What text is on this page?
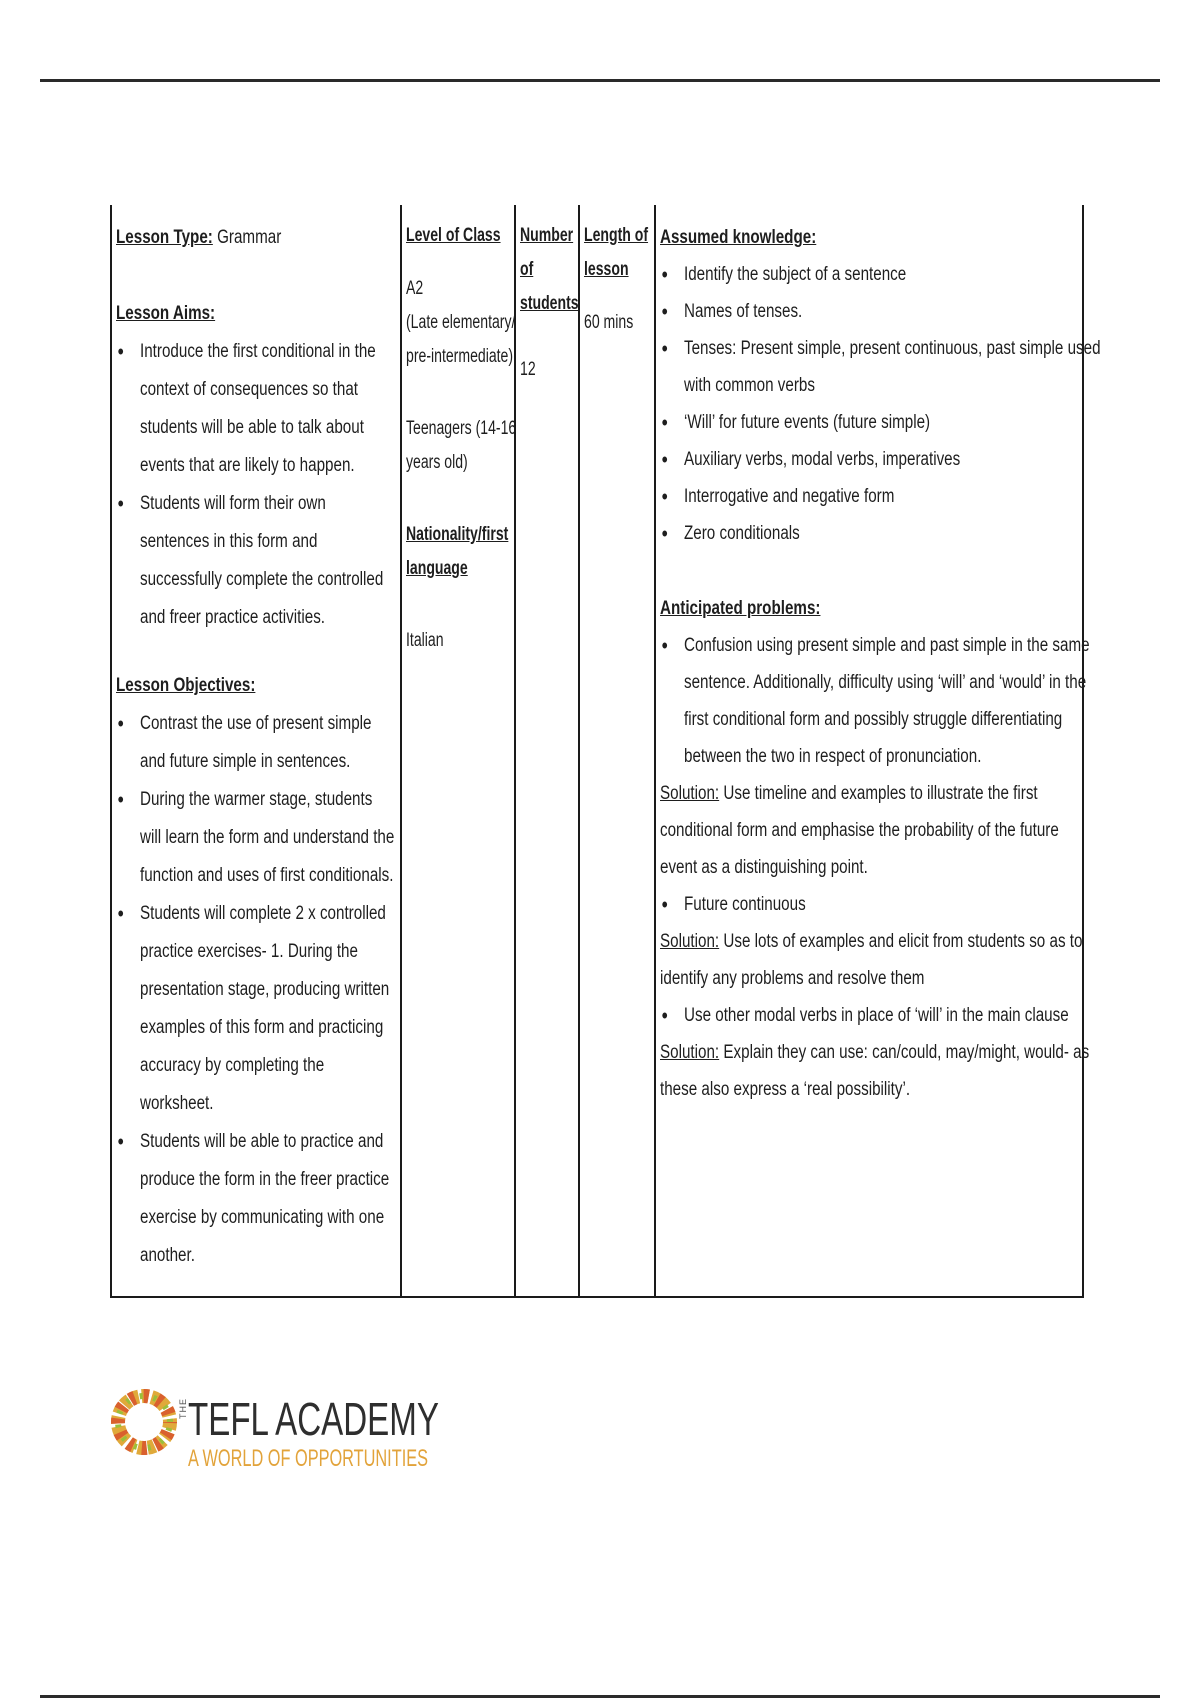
Lesson Type: Grammar
Lesson Aims:
• Introduce the first conditional in the context of consequences so that students will be able to talk about events that are likely to happen.
• Students will form their own sentences in this form and successfully complete the controlled and freer practice activities.
Lesson Objectives:
• Contrast the use of present simple and future simple in sentences.
• During the warmer stage, students will learn the form and understand the function and uses of first conditionals.
• Students will complete 2 x controlled practice exercises- 1. During the presentation stage, producing written examples of this form and practicing accuracy by completing the worksheet.
• Students will be able to practice and produce the form in the freer practice exercise by communicating with one another.
Level of Class
A2
(Late elementary/
pre-intermediate)
Teenagers (14-16
years old)
Nationality/first
language
Italian
Number
of
students
12
Length of
lesson
60 mins
Assumed knowledge:
• Identify the subject of a sentence
• Names of tenses.
• Tenses: Present simple, present continuous, past simple used
with common verbs
• ‘Will’ for future events (future simple)
• Auxiliary verbs, modal verbs, imperatives
• Interrogative and negative form
• Zero conditionals
Anticipated problems:
• Confusion using present simple and past simple in the same
sentence. Additionally, difficulty using ‘will’ and ‘would’ in the
first conditional form and possibly struggle differentiating
between the two in respect of pronunciation.
Solution: Use timeline and examples to illustrate the first
conditional form and emphasise the probability of the future
event as a distinguishing point.
• Future continuous
Solution: Use lots of examples and elicit from students so as to
identify any problems and resolve them
• Use other modal verbs in place of ‘will’ in the main clause
Solution: Explain they can use: can/could, may/might, would- as
these also express a ‘real possibility’.
THE TEFL ACADEMY
A WORLD OF OPPORTUNITIES
